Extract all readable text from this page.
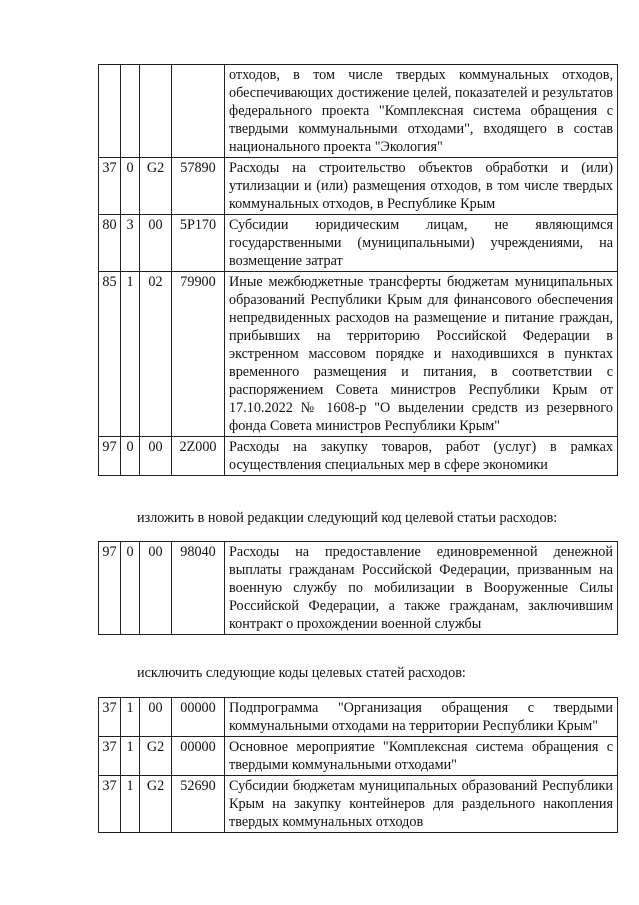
				отходов, в том числе твердых коммунальных отходов, обеспечивающих достижение целей, показателей и результатов федерального проекта "Комплексная система обращения с твердыми коммунальными отходами", входящего в состав национального проекта "Экология"
37	0	G2	57890	Расходы на строительство объектов обработки и (или) утилизации и (или) размещения отходов, в том числе твердых коммунальных отходов, в Республике Крым
80	3	00	5Р170	Субсидии юридическим лицам, не являющимся государственными (муниципальными) учреждениями, на возмещение затрат
85	1	02	79900	Иные межбюджетные трансферты бюджетам муниципальных образований Республики Крым для финансового обеспечения непредвиденных расходов на размещение и питание граждан, прибывших на территорию Российской Федерации в экстренном массовом порядке и находившихся в пунктах временного размещения и питания, в соответствии с распоряжением Совета министров Республики Крым от 17.10.2022 № 1608-р "О выделении средств из резервного фонда Совета министров Республики Крым"
97	0	00	2Z000	Расходы на закупку товаров, работ (услуг) в рамках осуществления специальных мер в сфере экономики
изложить в новой редакции следующий код целевой статьи расходов:
97	0	00	98040	Расходы на предоставление единовременной денежной выплаты гражданам Российской Федерации, призванным на военную службу по мобилизации в Вооруженные Силы Российской Федерации, а также гражданам, заключившим контракт о прохождении военной службы
исключить следующие коды целевых статей расходов:
37	1	00	00000	Подпрограмма "Организация обращения с твердыми коммунальными отходами на территории Республики Крым"
37	1	G2	00000	Основное мероприятие "Комплексная система обращения с твердыми коммунальными отходами"
37	1	G2	52690	Субсидии бюджетам муниципальных образований Республики Крым на закупку контейнеров для раздельного накопления твердых коммунальных отходов
